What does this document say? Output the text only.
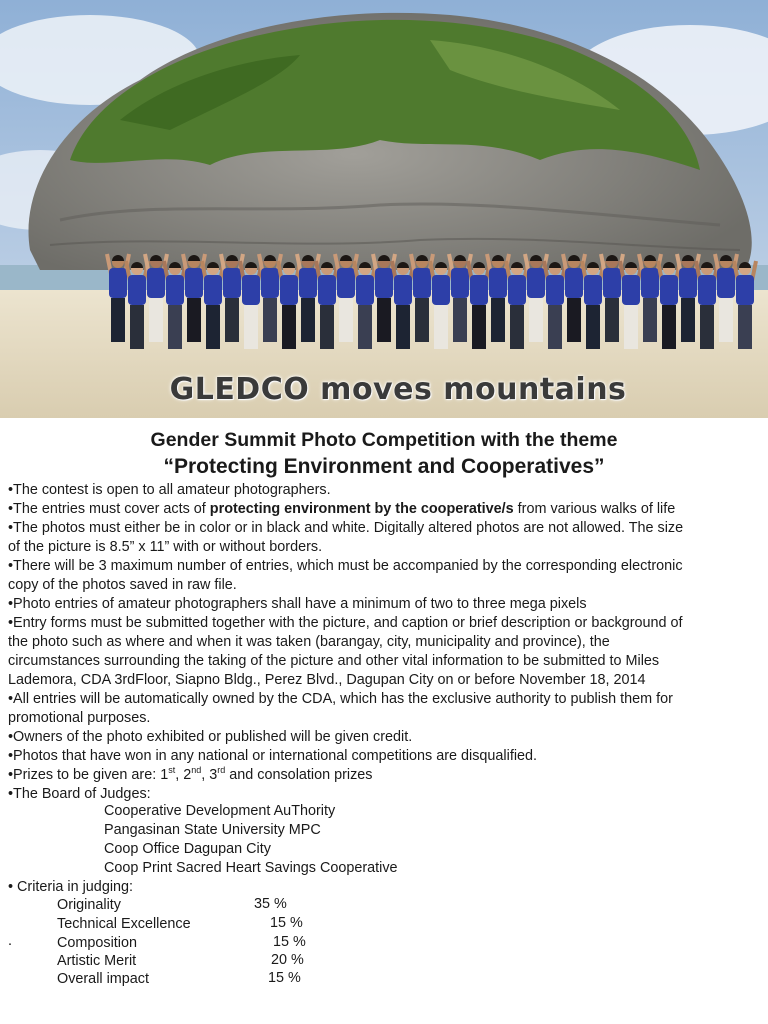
GLEDCO moves mountains
Gender Summit Photo Competition with the theme
“Protecting Environment and Cooperatives”
•The contest is open to all amateur photographers.
•The entries must cover acts of protecting environment by the cooperative/s from various walks of life
•The photos must either be in color or in black and white. Digitally altered photos are not allowed. The size
of the picture is 8.5” x 11” with or without borders.
•There will be 3 maximum number of entries, which must be accompanied by the corresponding electronic
copy of the photos saved in raw file.
•Photo entries of amateur photographers shall have a minimum of two to three mega pixels
•Entry forms must be submitted together with the picture, and caption or brief description or background of
the photo such as where and when it was taken (barangay, city, municipality and province), the
circumstances surrounding the taking of the picture and other vital information to be submitted to Miles
Lademora, CDA 3rdFloor, Siapno Bldg., Perez Blvd., Dagupan City on or before November 18, 2014
•All entries will be automatically owned by the CDA, which has the exclusive authority to publish them for
promotional purposes.
•Owners of the photo exhibited or published will be given credit.
•Photos that have won in any national or international competitions are disqualified.
•Prizes to be given are: 1st, 2nd, 3rd and consolation prizes
•The Board of Judges:
Cooperative Development AuThority
Pangasinan State University MPC
Coop Office Dagupan City
Coop Print Sacred Heart Savings Cooperative
• Criteria in judging:
Originality	35 %
Technical Excellence	15 %
.	Composition	15 %
Artistic Merit	20 %
Overall impact	15 %
